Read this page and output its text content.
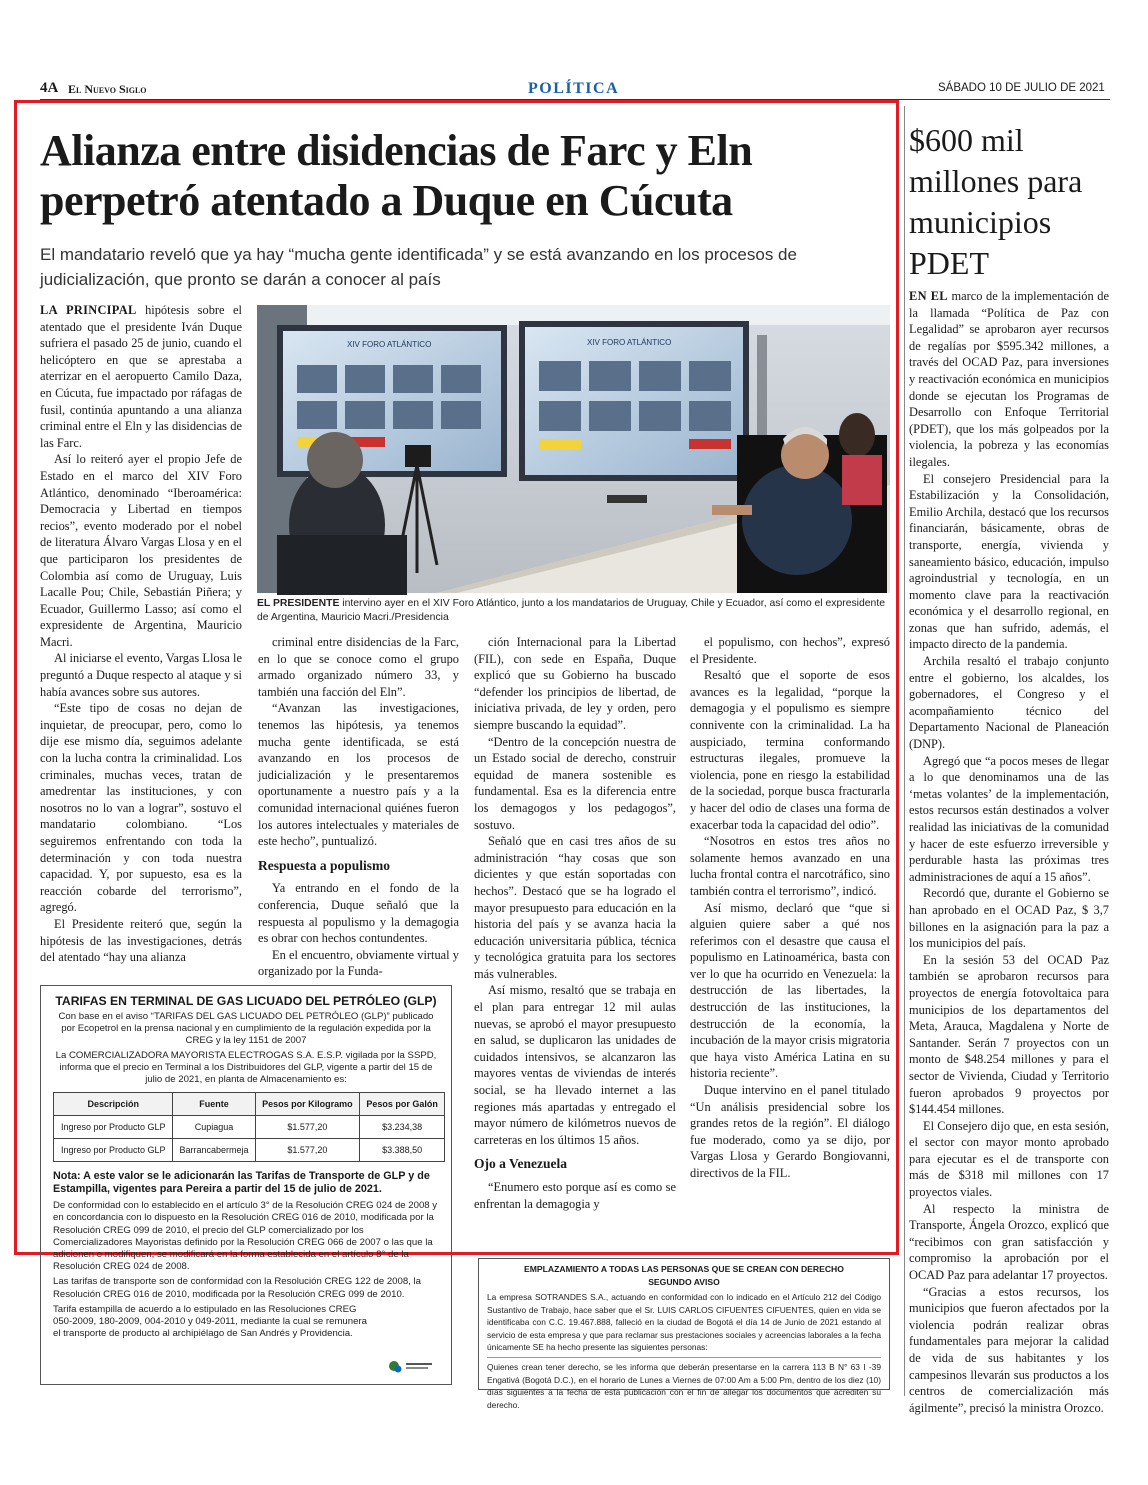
4A El Nuevo Siglo	POLÍTICA	SÁBADO 10 DE JULIO DE 2021
Alianza entre disidencias de Farc y Eln perpetró atentado a Duque en Cúcuta
El mandatario reveló que ya hay “mucha gente identificada” y se está avanzando en los procesos de judicialización, que pronto se darán a conocer al país

LA PRINCIPAL hipótesis sobre el atentado que el presidente Iván Duque sufriera el pasado 25 de junio, cuando el helicóptero en que se aprestaba a aterrizar en el aeropuerto Camilo Daza, en Cúcuta, fue impactado por ráfagas de fusil, continúa apuntando a una alianza criminal entre el Eln y las disidencias de las Farc.

Así lo reiteró ayer el propio Jefe de Estado en el marco del XIV Foro Atlántico, denominado “Iberoamérica: Democracia y Libertad en tiempos recios”, evento moderado por el nobel de literatura Álvaro Vargas Llosa y en el que participaron los presidentes de Colombia así como de Uruguay, Luis Lacalle Pou; Chile, Sebastián Piñera; y Ecuador, Guillermo Lasso; así como el expresidente de Argentina, Mauricio Macri.

Al iniciarse el evento, Vargas Llosa le preguntó a Duque respecto al ataque y si había avances sobre sus autores.

“Este tipo de cosas no dejan de inquietar, de preocupar, pero, como lo dije ese mismo día, seguimos adelante con la lucha contra la criminalidad. Los criminales, muchas veces, tratan de amedrentar las instituciones, y con nosotros no lo van a lograr”, sostuvo el mandatario colombiano. “Los seguiremos enfrentando con toda la determinación y con toda nuestra capacidad. Y, por supuesto, esa es la reacción cobarde del terrorismo”, agregó.

El Presidente reiteró que, según la hipótesis de las investigaciones, detrás del atentado “hay una alianza

XIV FORO ATLÁNTICO	XIV FORO ATLÁNTICO
EL PRESIDENTE intervino ayer en el XIV Foro Atlántico, junto a los mandatarios de Uruguay, Chile y Ecuador, así como el expresidente de Argentina, Mauricio Macri./Presidencia

criminal entre disidencias de la Farc, en lo que se conoce como el grupo armado organizado número 33, y también una facción del Eln”.

“Avanzan las investigaciones, tenemos las hipótesis, ya tenemos mucha gente identificada, se está avanzando en los procesos de judicialización y le presentaremos oportunamente a nuestro país y a la comunidad internacional quiénes fueron los autores intelectuales y materiales de este hecho”, puntualizó.

Respuesta a populismo

Ya entrando en el fondo de la conferencia, Duque señaló que la respuesta al populismo y la demagogia es obrar con hechos contundentes.

En el encuentro, obviamente virtual y organizado por la Funda-

ción Internacional para la Libertad (FIL), con sede en España, Duque explicó que su Gobierno ha buscado “defender los principios de libertad, de iniciativa privada, de ley y orden, pero siempre buscando la equidad”.

“Dentro de la concepción nuestra de un Estado social de derecho, construir equidad de manera sostenible es fundamental. Esa es la diferencia entre los demagogos y los pedagogos”, sostuvo.

Señaló que en casi tres años de su administración “hay cosas que son dicientes y que están soportadas con hechos”. Destacó que se ha logrado el mayor presupuesto para educación en la historia del país y se avanza hacia la educación universitaria pública, técnica y tecnológica gratuita para los sectores más vulnerables.

Así mismo, resaltó que se trabaja en el plan para entregar 12 mil aulas nuevas, se aprobó el mayor presupuesto en salud, se duplicaron las unidades de cuidados intensivos, se alcanzaron las mayores ventas de viviendas de interés social, se ha llevado internet a las regiones más apartadas y entregado el mayor número de kilómetros nuevos de carreteras en los últimos 15 años.

Ojo a Venezuela

“Enumero esto porque así es como se enfrentan la demagogia y

el populismo, con hechos”, expresó el Presidente.

Resaltó que el soporte de esos avances es la legalidad, “porque la demagogia y el populismo es siempre connivente con la criminalidad. La ha auspiciado, termina conformando estructuras ilegales, promueve la violencia, pone en riesgo la estabilidad de la sociedad, porque busca fracturarla y hacer del odio de clases una forma de exacerbar toda la capacidad del odio”.

“Nosotros en estos tres años no solamente hemos avanzado en una lucha frontal contra el narcotráfico, sino también contra el terrorismo”, indicó.

Así mismo, declaró que “que si alguien quiere saber a qué nos referimos con el desastre que causa el populismo en Latinoamérica, basta con ver lo que ha ocurrido en Venezuela: la destrucción de las libertades, la destrucción de las instituciones, la destrucción de la economía, la incubación de la mayor crisis migratoria que haya visto América Latina en su historia reciente”.

Duque intervino en el panel titulado “Un análisis presidencial sobre los grandes retos de la región”. El diálogo fue moderado, como ya se dijo, por Vargas Llosa y Gerardo Bongiovanni, directivos de la FIL.

$600 mil millones para municipios PDET

EN EL marco de la implementación de la llamada “Política de Paz con Legalidad” se aprobaron ayer recursos de regalías por $595.342 millones, a través del OCAD Paz, para inversiones y reactivación económica en municipios donde se ejecutan los Programas de Desarrollo con Enfoque Territorial (PDET), que los más golpeados por la violencia, la pobreza y las economías ilegales.

El consejero Presidencial para la Estabilización y la Consolidación, Emilio Archila, destacó que los recursos financiarán, básicamente, obras de transporte, energía, vivienda y saneamiento básico, educación, impulso agroindustrial y tecnología, en un momento clave para la reactivación económica y el desarrollo regional, en zonas que han sufrido, además, el impacto directo de la pandemia.

Archila resaltó el trabajo conjunto entre el gobierno, los alcaldes, los gobernadores, el Congreso y el acompañamiento técnico del Departamento Nacional de Planeación (DNP).

Agregó que “a pocos meses de llegar a lo que denominamos una de las ‘metas volantes’ de la implementación, estos recursos están destinados a volver realidad las iniciativas de la comunidad y hacer de este esfuerzo irreversible y perdurable hasta las próximas tres administraciones de aquí a 15 años”.

Recordó que, durante el Gobierno se han aprobado en el OCAD Paz, $ 3,7 billones en la asignación para la paz a los municipios del país.

En la sesión 53 del OCAD Paz también se aprobaron recursos para proyectos de energía fotovoltaica para municipios de los departamentos del Meta, Arauca, Magdalena y Norte de Santander. Serán 7 proyectos con un monto de $48.254 millones y para el sector de Vivienda, Ciudad y Territorio fueron aprobados 9 proyectos por $144.454 millones.

El Consejero dijo que, en esta sesión, el sector con mayor monto aprobado para ejecutar es el de transporte con más de $318 mil millones con 17 proyectos viales.

Al respecto la ministra de Transporte, Ángela Orozco, explicó que “recibimos con gran satisfacción y compromiso la aprobación por el OCAD Paz para adelantar 17 proyectos.

“Gracias a estos recursos, los municipios que fueron afectados por la violencia podrán realizar obras fundamentales para mejorar la calidad de vida de sus habitantes y los campesinos llevarán sus productos a los centros de comercialización más ágilmente”, precisó la ministra Orozco.

TARIFAS EN TERMINAL DE GAS LICUADO DEL PETRÓLEO (GLP)
Con base en el aviso “TARIFAS DEL GAS LICUADO DEL PETRÓLEO (GLP)” publicado por Ecopetrol en la prensa nacional y en cumplimiento de la regulación expedida por la CREG y la ley 1151 de 2007
La COMERCIALIZADORA MAYORISTA ELECTROGAS S.A. E.S.P. vigilada por la SSPD, informa que el precio en Terminal a los Distribuidores del GLP, vigente a partir del 15 de julio de 2021, en planta de Almacenamiento es:
Descripción	Fuente	Pesos por Kilogramo	Pesos por Galón
Ingreso por Producto GLP	Cupiagua	$1.577,20	$3.234,38
Ingreso por Producto GLP	Barrancabermeja	$1.577,20	$3.388,50
Nota: A este valor se le adicionarán las Tarifas de Transporte de GLP y de Estampilla, vigentes para Pereira a partir del 15 de julio de 2021.
De conformidad con lo establecido en el artículo 3° de la Resolución CREG 024 de 2008 y en concordancia con lo dispuesto en la Resolución CREG 016 de 2010, modificada por la Resolución CREG 099 de 2010, el precio del GLP comercializado por los Comercializadores Mayoristas definido por la Resolución CREG 066 de 2007 o las que la adicionen o modifiquen, se modificará en la forma establecida en el artículo 8° de la Resolución CREG 024 de 2008.
Las tarifas de transporte son de conformidad con la Resolución CREG 122 de 2008, la Resolución CREG 016 de 2010, modificada por la Resolución CREG 099 de 2010.
Tarifa estampilla de acuerdo a lo estipulado en las Resoluciones CREG 050-2009, 180-2009, 004-2010 y 049-2011, mediante la cual se remunera el transporte de producto al archipiélago de San Andrés y Providencia.
EMPLAZAMIENTO A TODAS LAS PERSONAS QUE SE CREAN CON DERECHO
SEGUNDO AVISO
La empresa SOTRANDES S.A., actuando en conformidad con lo indicado en el Artículo 212 del Código Sustantivo de Trabajo, hace saber que el Sr. LUIS CARLOS CIFUENTES CIFUENTES, quien en vida se identificaba con C.C. 19.467.888, falleció en la ciudad de Bogotá el día 14 de Junio de 2021 estando al servicio de esta empresa y que para reclamar sus prestaciones sociales y acreencias laborales a la fecha únicamente SE ha hecho presente las siguientes personas:
Quienes crean tener derecho, se les informa que deberán presentarse en la carrera 113 B N° 63 I -39 Engativá (Bogotá D.C.), en el horario de Lunes a Viernes de 07:00 Am a 5:00 Pm, dentro de los diez (10) días siguientes a la fecha de esta publicación con el fin de allegar los documentos que acrediten su derecho.
